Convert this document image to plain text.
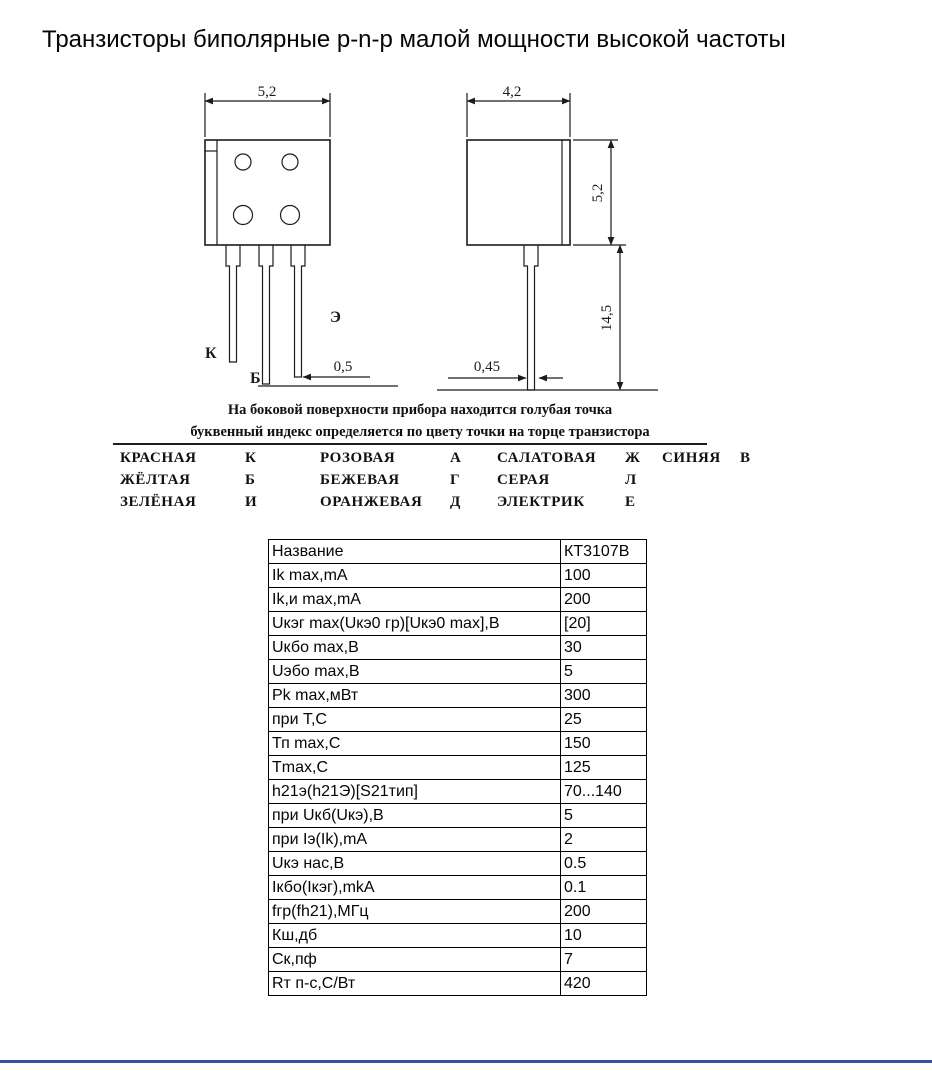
Транзисторы биполярные p-n-p малой мощности высокой частоты
5,2
К
Б
Э
0,5
4,2
5,2
14,5
0,45
На боковой поверхности прибора находится голубая точка
буквенный индекс определяется по цвету точки на торце транзистора
КРАСНАЯ	К	РОЗОВАЯ	А САЛАТОВАЯ Ж СИНЯЯ В
ЖЁЛТАЯ	Б	БЕЖЕВАЯ	Г СЕРАЯ	Л
ЗЕЛЁНАЯ	И	ОРАНЖЕВАЯ Д ЭЛЕКТРИК	Е
Название	КТ3107В
Ik max,mA	100
Ik,и max,mA	200
Uкэг max(Uкэ0 гр)[Uкэ0 max],В	[20]
Uкбо max,В	30
Uэбо max,В	5
Pk max,мВт	300
при Т,С	25
Тп max,С	150
Tmax,С	125
h21э(h21Э)[S21тип]	70...140
при Uкб(Uкэ),В	5
при Iэ(Ik),mA	2
Uкэ нас,В	0.5
Iкбо(Iкэг),mkA	0.1
fгр(fh21),МГц	200
Кш,дб	10
Ск,пф	7
Rт п-с,С/Вт	420
